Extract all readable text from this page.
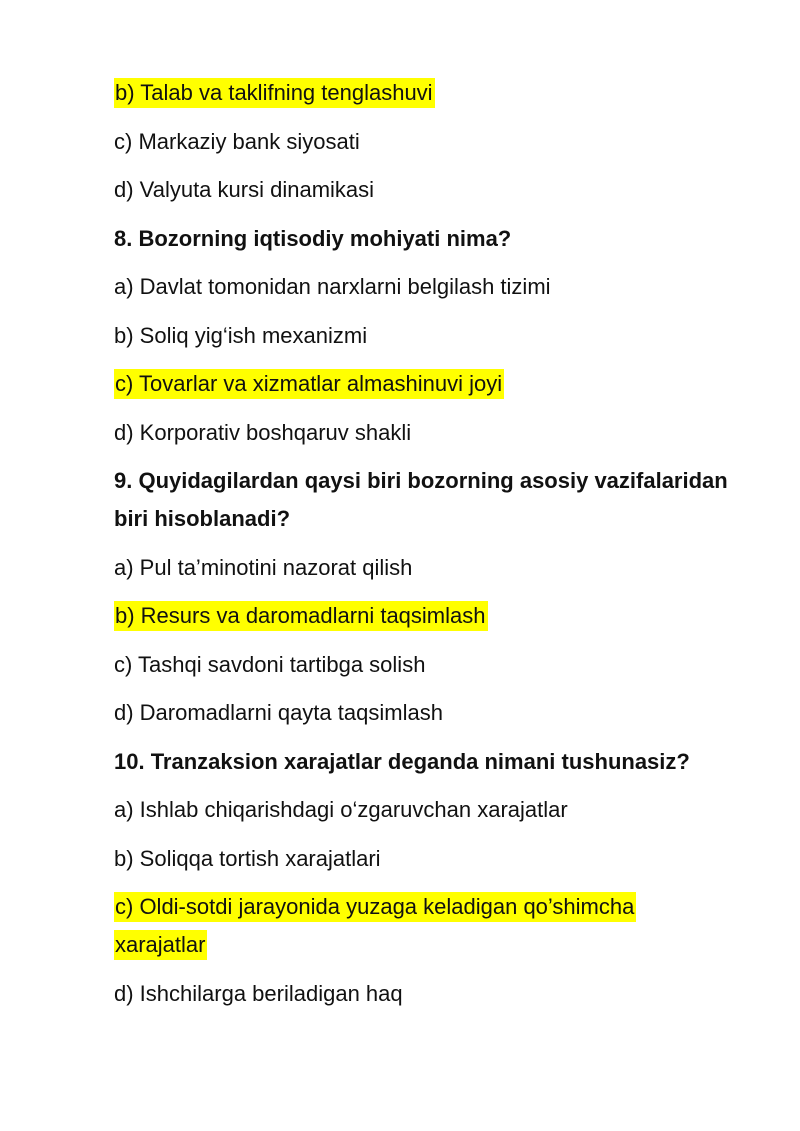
b) Talab va taklifning tenglashuvi
c) Markaziy bank siyosati
d) Valyuta kursi dinamikasi
8. Bozorning iqtisodiy mohiyati nima?
a) Davlat tomonidan narxlarni belgilash tizimi
b) Soliq yig‘ish mexanizmi
c) Tovarlar va xizmatlar almashinuvi joyi
d) Korporativ boshqaruv shakli
9. Quyidagilardan qaysi biri bozorning asosiy vazifalaridan biri hisoblanadi?
a) Pul ta’minotini nazorat qilish
b) Resurs va daromadlarni taqsimlash
c) Tashqi savdoni tartibga solish
d) Daromadlarni qayta taqsimlash
10. Tranzaksion xarajatlar deganda nimani tushunasiz?
a) Ishlab chiqarishdagi o‘zgaruvchan xarajatlar
b) Soliqqa tortish xarajatlari
c) Oldi-sotdi jarayonida yuzaga keladigan qo’shimcha xarajatlar
d) Ishchilarga beriladigan haq
